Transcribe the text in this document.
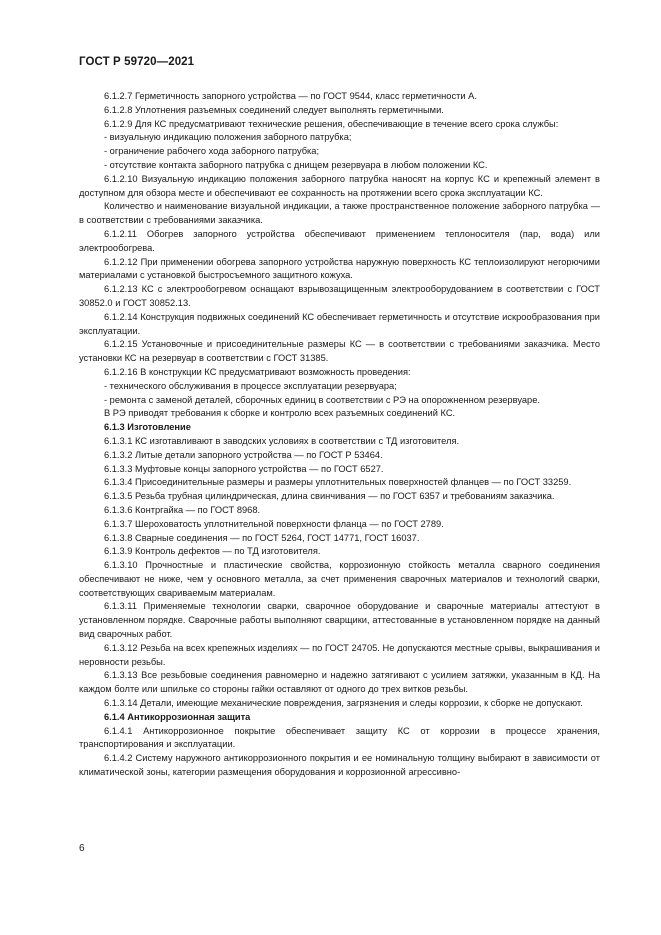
ГОСТ Р 59720—2021

6.1.2.7 Герметичность запорного устройства — по ГОСТ 9544, класс герметичности А.

6.1.2.8 Уплотнения разъемных соединений следует выполнять герметичными.

6.1.2.9 Для КС предусматривают технические решения, обеспечивающие в течение всего срока службы:

- визуальную индикацию положения заборного патрубка;

- ограничение рабочего хода заборного патрубка;

- отсутствие контакта заборного патрубка с днищем резервуара в любом положении КС.

6.1.2.10 Визуальную индикацию положения заборного патрубка наносят на корпус КС и крепежный элемент в доступном для обзора месте и обеспечивают ее сохранность на протяжении всего срока эксплуатации КС.

Количество и наименование визуальной индикации, а также пространственное положение заборного патрубка — в соответствии с требованиями заказчика.

6.1.2.11 Обогрев запорного устройства обеспечивают применением теплоносителя (пар, вода) или электрообогрева.

6.1.2.12 При применении обогрева запорного устройства наружную поверхность КС теплоизолируют негорючими материалами с установкой быстросъемного защитного кожуха.

6.1.2.13 КС с электрообогревом оснащают взрывозащищенным электрооборудованием в соответствии с ГОСТ 30852.0 и ГОСТ 30852.13.

6.1.2.14 Конструкция подвижных соединений КС обеспечивает герметичность и отсутствие искрообразования при эксплуатации.

6.1.2.15 Установочные и присоединительные размеры КС — в соответствии с требованиями заказчика. Место установки КС на резервуар в соответствии с ГОСТ 31385.

6.1.2.16 В конструкции КС предусматривают возможность проведения:

- технического обслуживания в процессе эксплуатации резервуара;

- ремонта с заменой деталей, сборочных единиц в соответствии с РЭ на опорожненном резервуаре.

В РЭ приводят требования к сборке и контролю всех разъемных соединений КС.

6.1.3 Изготовление

6.1.3.1 КС изготавливают в заводских условиях в соответствии с ТД изготовителя.

6.1.3.2 Литые детали запорного устройства — по ГОСТ Р 53464.

6.1.3.3 Муфтовые концы запорного устройства — по ГОСТ 6527.

6.1.3.4 Присоединительные размеры и размеры уплотнительных поверхностей фланцев — по ГОСТ 33259.

6.1.3.5 Резьба трубная цилиндрическая, длина свинчивания — по ГОСТ 6357 и требованиям заказчика.

6.1.3.6 Контргайка — по ГОСТ 8968.

6.1.3.7 Шероховатость уплотнительной поверхности фланца — по ГОСТ 2789.

6.1.3.8 Сварные соединения — по ГОСТ 5264, ГОСТ 14771, ГОСТ 16037.

6.1.3.9 Контроль дефектов — по ТД изготовителя.

6.1.3.10 Прочностные и пластические свойства, коррозионную стойкость металла сварного соединения обеспечивают не ниже, чем у основного металла, за счет применения сварочных материалов и технологий сварки, соответствующих свариваемым материалам.

6.1.3.11 Применяемые технологии сварки, сварочное оборудование и сварочные материалы аттестуют в установленном порядке. Сварочные работы выполняют сварщики, аттестованные в установленном порядке на данный вид сварочных работ.

6.1.3.12 Резьба на всех крепежных изделиях — по ГОСТ 24705. Не допускаются местные срывы, выкрашивания и неровности резьбы.

6.1.3.13 Все резьбовые соединения равномерно и надежно затягивают с усилием затяжки, указанным в КД. На каждом болте или шпильке со стороны гайки оставляют от одного до трех витков резьбы.

6.1.3.14 Детали, имеющие механические повреждения, загрязнения и следы коррозии, к сборке не допускают.

6.1.4 Антикоррозионная защита

6.1.4.1 Антикоррозионное покрытие обеспечивает защиту КС от коррозии в процессе хранения, транспортирования и эксплуатации.

6.1.4.2 Систему наружного антикоррозионного покрытия и ее номинальную толщину выбирают в зависимости от климатической зоны, категории размещения оборудования и коррозионной агрессивно-

6
